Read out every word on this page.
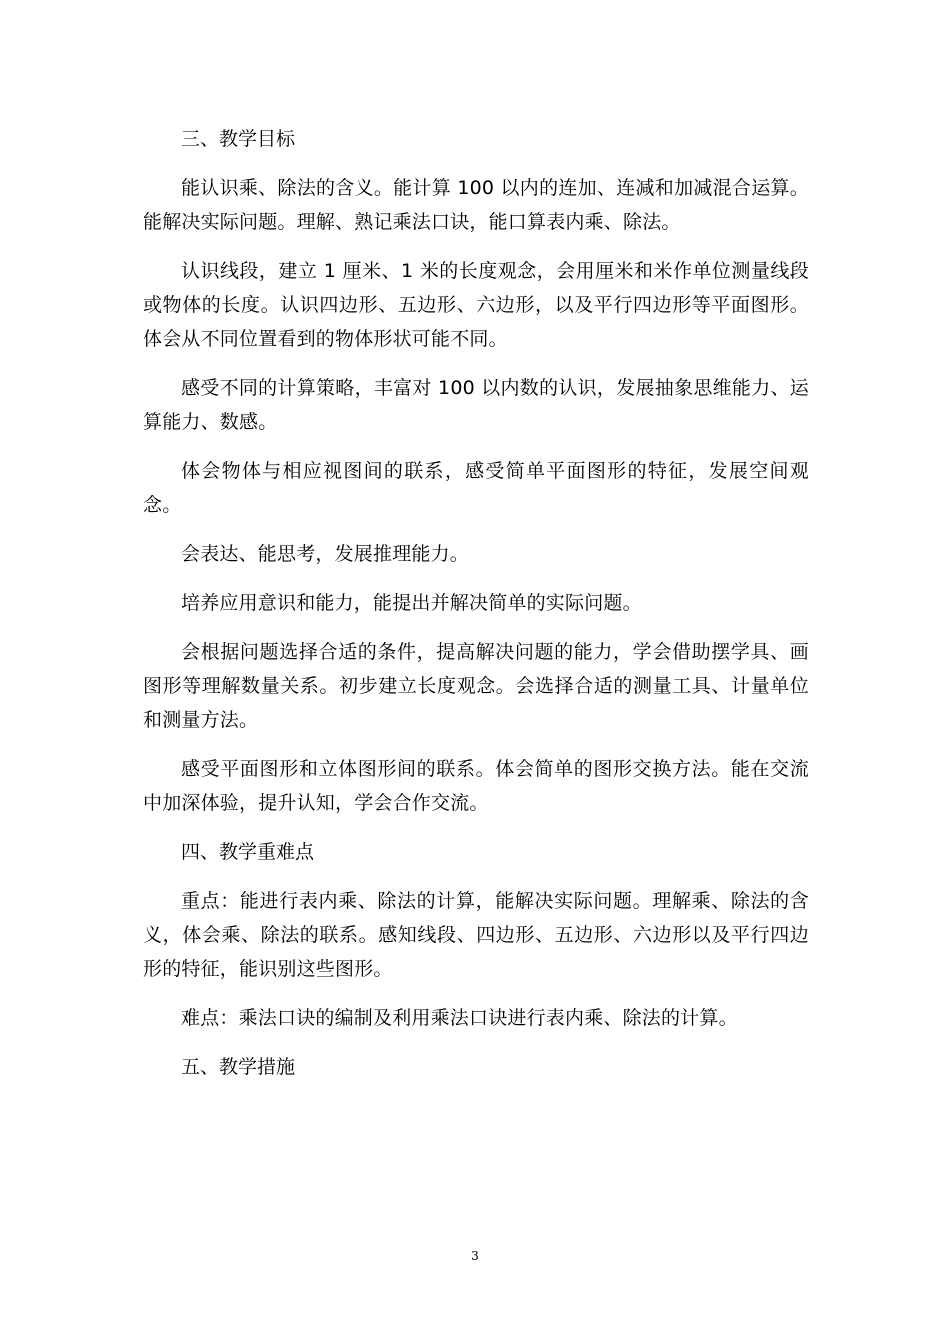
三、教学目标

能认识乘、除法的含义。能计算 100 以内的连加、连减和加减混合运算。能解决实际问题。理解、熟记乘法口诀，能口算表内乘、除法。

认识线段，建立 1 厘米、1 米的长度观念，会用厘米和米作单位测量线段或物体的长度。认识四边形、五边形、六边形，以及平行四边形等平面图形。体会从不同位置看到的物体形状可能不同。

感受不同的计算策略，丰富对 100 以内数的认识，发展抽象思维能力、运算能力、数感。

体会物体与相应视图间的联系，感受简单平面图形的特征，发展空间观念。

会表达、能思考，发展推理能力。

培养应用意识和能力，能提出并解决简单的实际问题。

会根据问题选择合适的条件，提高解决问题的能力，学会借助摆学具、画图形等理解数量关系。初步建立长度观念。会选择合适的测量工具、计量单位和测量方法。

感受平面图形和立体图形间的联系。体会简单的图形交换方法。能在交流中加深体验，提升认知，学会合作交流。

四、教学重难点

重点：能进行表内乘、除法的计算，能解决实际问题。理解乘、除法的含义，体会乘、除法的联系。感知线段、四边形、五边形、六边形以及平行四边形的特征，能识别这些图形。

难点：乘法口诀的编制及利用乘法口诀进行表内乘、除法的计算。

五、教学措施

3
